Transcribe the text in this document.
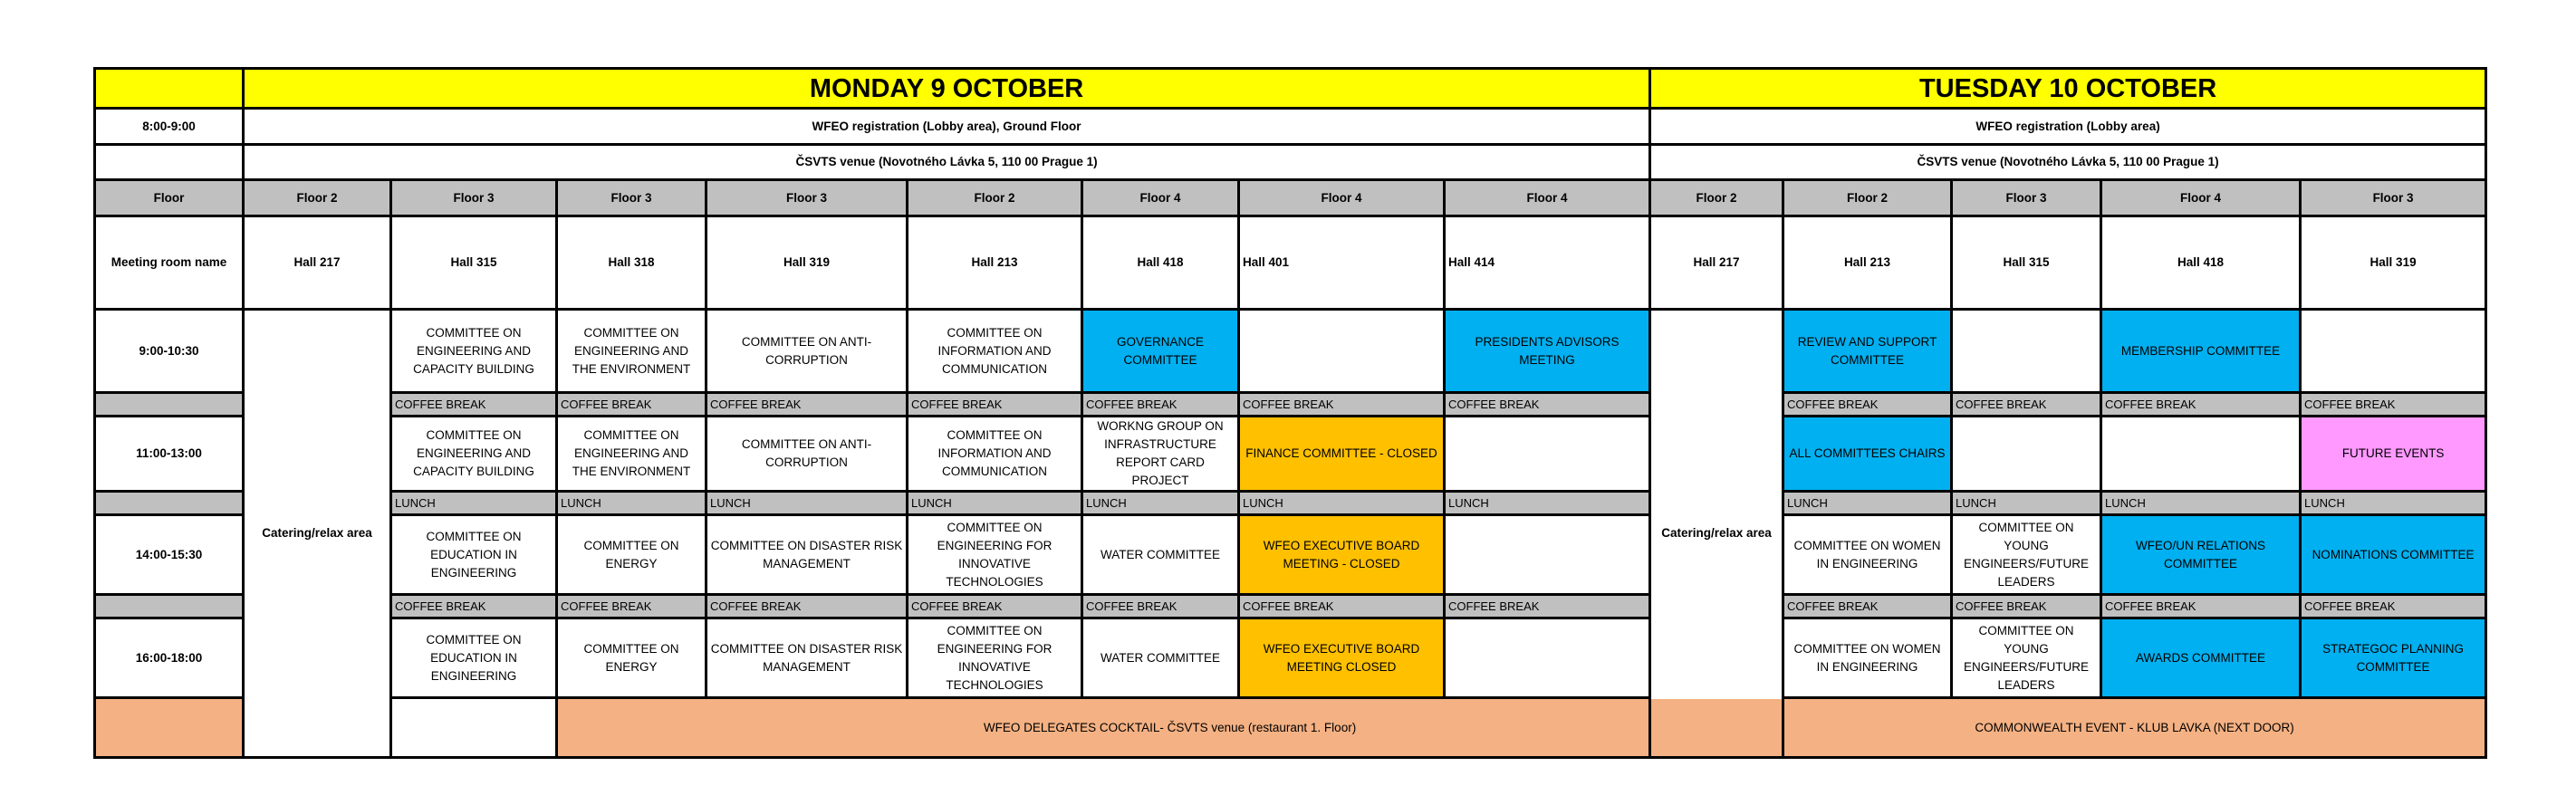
	MONDAY 9 OCTOBER								TUESDAY 10 OCTOBER				
8:00-9:00	WFEO registration (Lobby area), Ground Floor								WFEO registration (Lobby area)				
	ČSVTS venue (Novotného Lávka 5, 110 00 Prague 1)								ČSVTS venue (Novotného Lávka 5, 110 00 Prague 1)				
Floor	Floor 2	Floor 3	Floor 3	Floor 3	Floor 2	Floor 4	Floor 4	Floor 4	Floor 2	Floor 2	Floor 3	Floor 4	Floor 3
Meeting room name	Hall 217	Hall 315	Hall 318	Hall 319	Hall 213	Hall 418	Hall 401	Hall 414	Hall 217	Hall 213	Hall 315	Hall 418	Hall 319
9:00-10:30	Catering/relax area	COMMITTEE ON ENGINEERING AND CAPACITY BUILDING	COMMITTEE ON ENGINEERING AND THE ENVIRONMENT	COMMITTEE ON ANTI-CORRUPTION	COMMITTEE ON INFORMATION AND COMMUNICATION	GOVERNANCE COMMITTEE		PRESIDENTS ADVISORS MEETING	Catering/relax area	REVIEW AND SUPPORT COMMITTEE		MEMBERSHIP COMMITTEE	
		COFFEE BREAK	COFFEE BREAK	COFFEE BREAK	COFFEE BREAK	COFFEE BREAK	COFFEE BREAK	COFFEE BREAK		COFFEE BREAK	COFFEE BREAK	COFFEE BREAK	COFFEE BREAK
11:00-13:00		COMMITTEE ON ENGINEERING AND CAPACITY BUILDING	COMMITTEE ON ENGINEERING AND THE ENVIRONMENT	COMMITTEE ON ANTI-CORRUPTION	COMMITTEE ON INFORMATION AND COMMUNICATION	WORKNG GROUP ON INFRASTRUCTURE REPORT CARD PROJECT	FINANCE COMMITTEE - CLOSED			ALL COMMITTEES CHAIRS			FUTURE EVENTS
		LUNCH	LUNCH	LUNCH	LUNCH	LUNCH	LUNCH	LUNCH		LUNCH	LUNCH	LUNCH	LUNCH
14:00-15:30		COMMITTEE ON EDUCATION IN ENGINEERING	COMMITTEE ON ENERGY	COMMITTEE ON DISASTER RISK MANAGEMENT	COMMITTEE ON ENGINEERING FOR INNOVATIVE TECHNOLOGIES	WATER COMMITTEE	WFEO EXECUTIVE BOARD MEETING - CLOSED			COMMITTEE ON WOMEN IN ENGINEERING	COMMITTEE ON YOUNG ENGINEERS/FUTURE LEADERS	WFEO/UN RELATIONS COMMITTEE	NOMINATIONS COMMITTEE
		COFFEE BREAK	COFFEE BREAK	COFFEE BREAK	COFFEE BREAK	COFFEE BREAK	COFFEE BREAK	COFFEE BREAK		COFFEE BREAK	COFFEE BREAK	COFFEE BREAK	COFFEE BREAK
16:00-18:00		COMMITTEE ON EDUCATION IN ENGINEERING	COMMITTEE ON ENERGY	COMMITTEE ON DISASTER RISK MANAGEMENT	COMMITTEE ON ENGINEERING FOR INNOVATIVE TECHNOLOGIES	WATER COMMITTEE	WFEO EXECUTIVE BOARD MEETING CLOSED			COMMITTEE ON WOMEN IN ENGINEERING	COMMITTEE ON YOUNG ENGINEERS/FUTURE LEADERS	AWARDS COMMITTEE	STRATEGOC PLANNING COMMITTEE
			WFEO DELEGATES COCKTAIL- ČSVTS venue (restaurant 1. Floor)							COMMONWEALTH EVENT - KLUB LAVKA (NEXT DOOR)			
